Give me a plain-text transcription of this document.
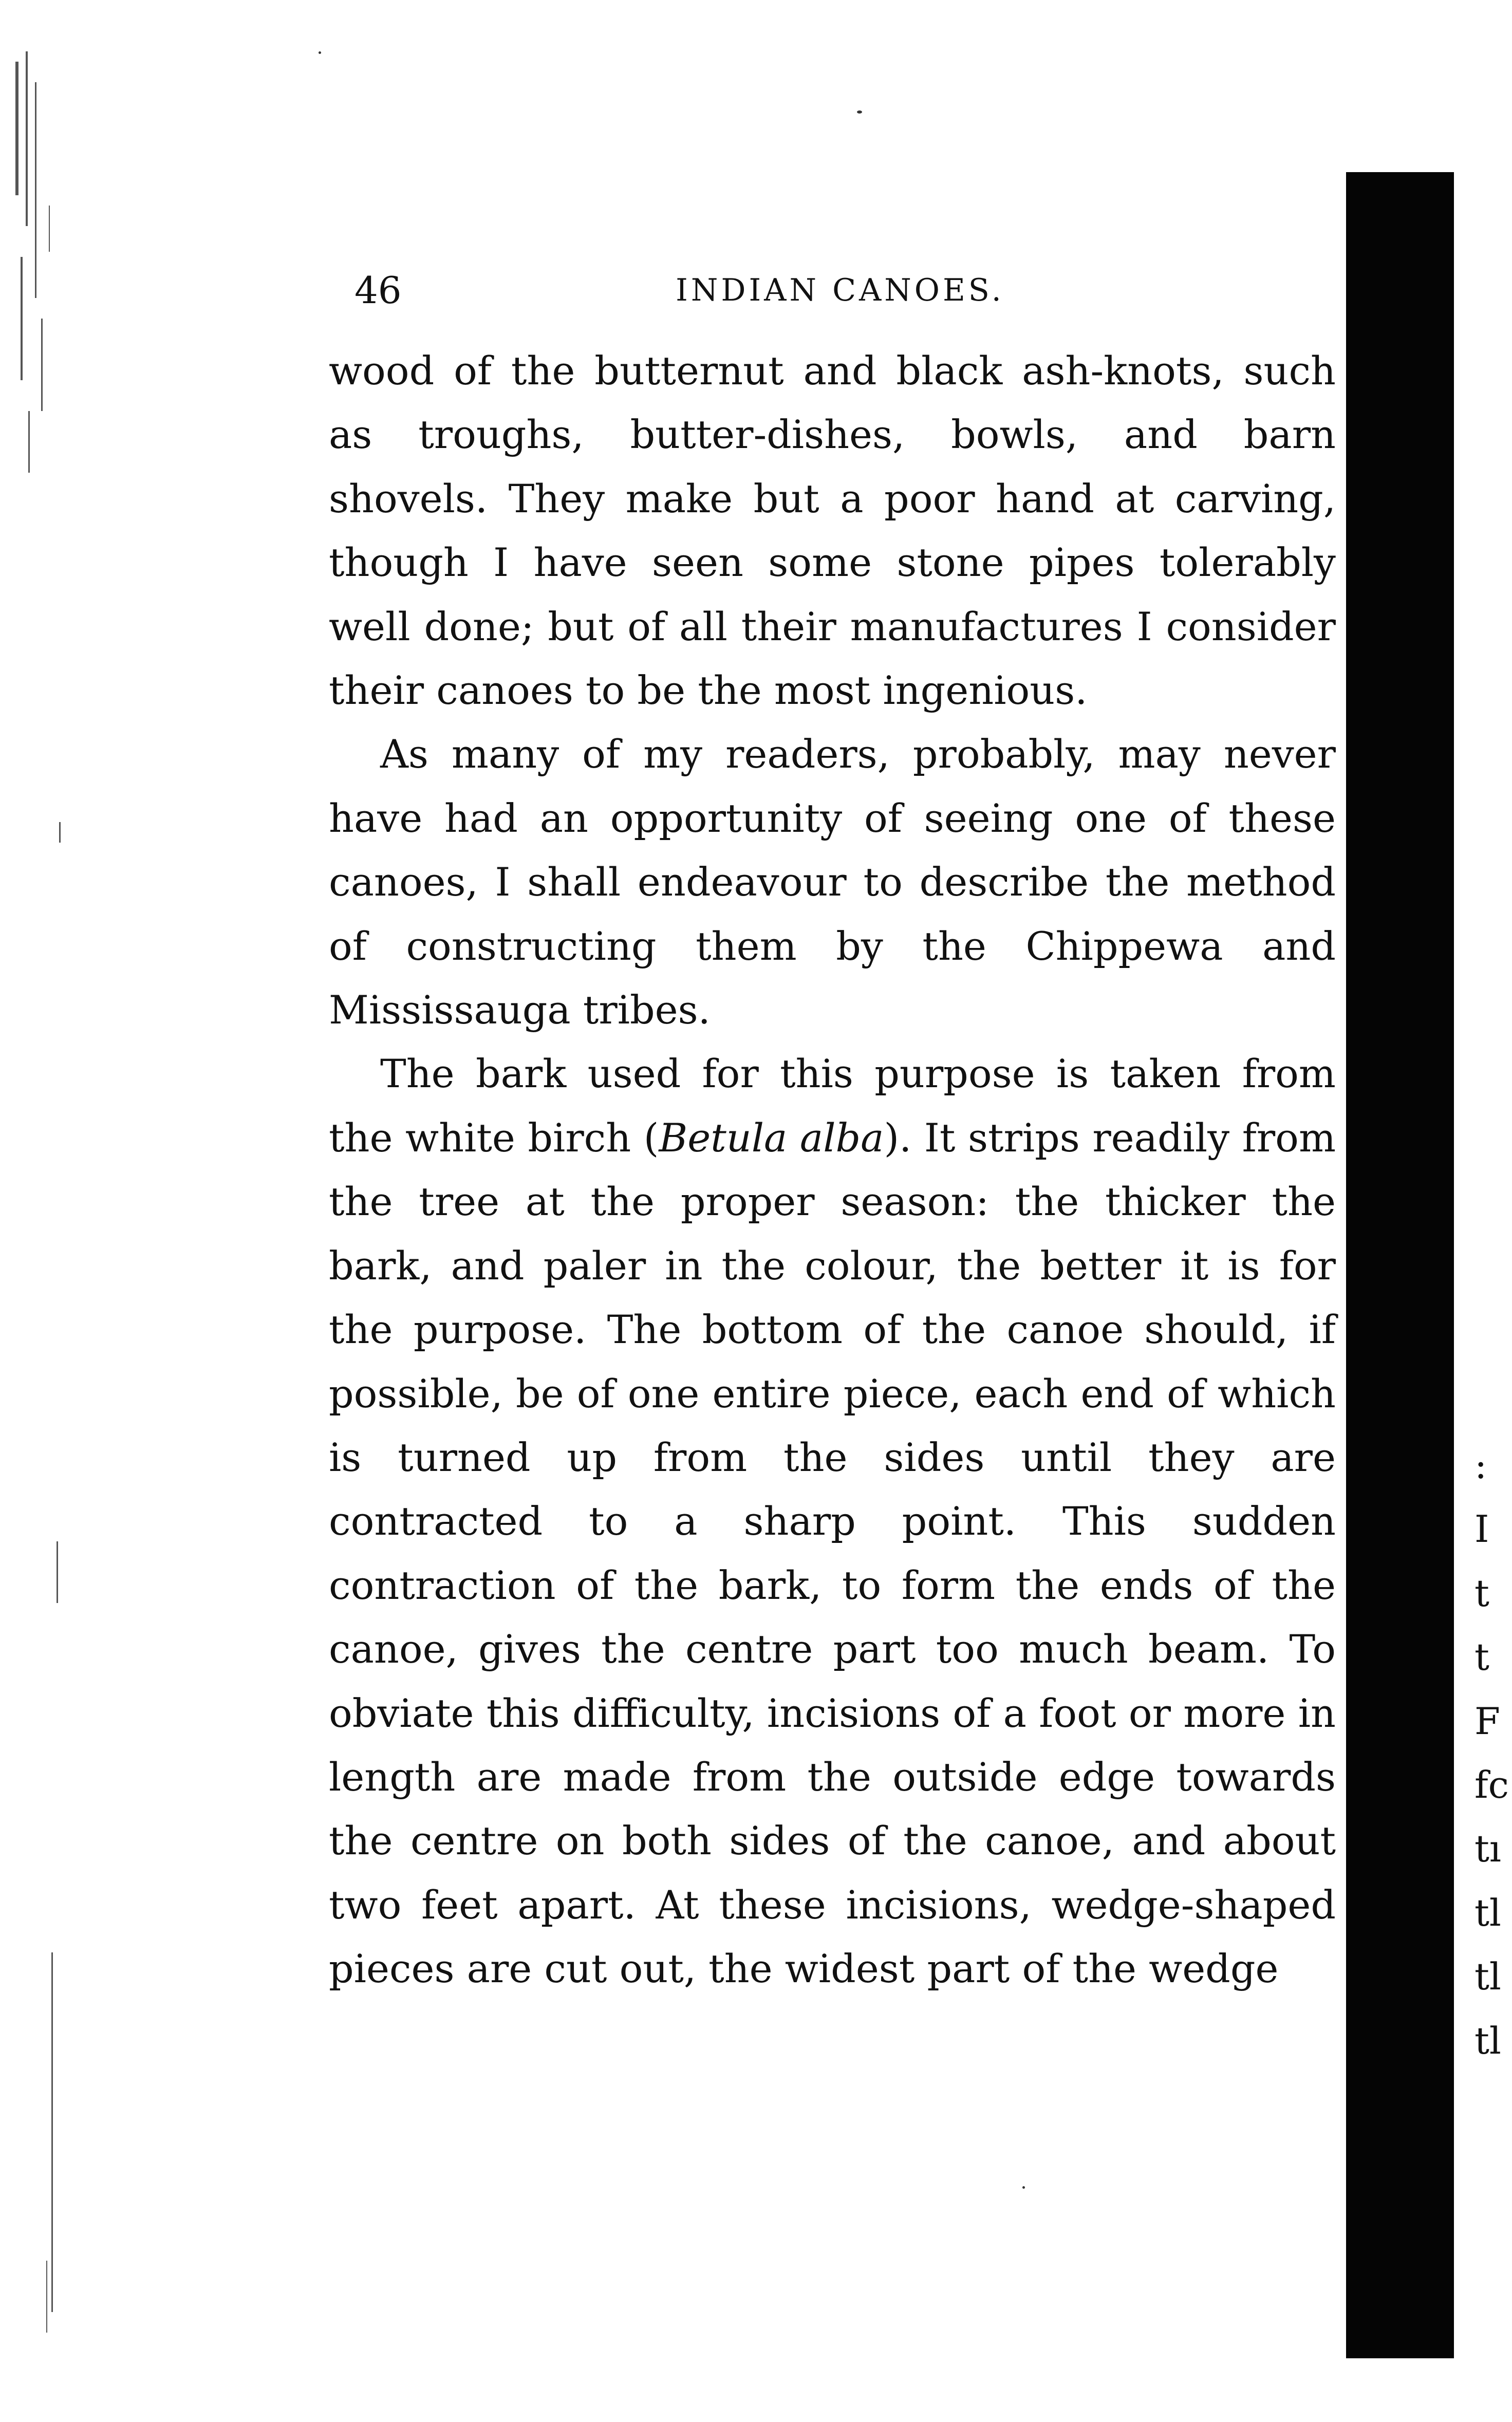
46	INDIAN CANOES.

wood of the butternut and black ash-knots, such as troughs, butter-dishes, bowls, and barn shovels. They make but a poor hand at carving, though I have seen some stone pipes tolerably well done; but of all their manufactures I consider their canoes to be the most ingenious.

As many of my readers, probably, may never have had an opportunity of seeing one of these canoes, I shall endeavour to describe the method of constructing them by the Chippewa and Mississauga tribes.

The bark used for this purpose is taken from the white birch (Betula alba). It strips readily from the tree at the proper season: the thicker the bark, and paler in the colour, the better it is for the purpose. The bottom of the canoe should, if possible, be of one entire piece, each end of which is turned up from the sides until they are contracted to a sharp point. This sudden contraction of the bark, to form the ends of the canoe, gives the centre part too much beam. To obviate this difficulty, incisions of a foot or more in length are made from the outside edge towards the centre on both sides of the canoe, and about two feet apart. At these incisions, wedge-shaped pieces are cut out, the widest part of the wedge

:
I
t
t
F
fc
tı
tl
tl
tl
